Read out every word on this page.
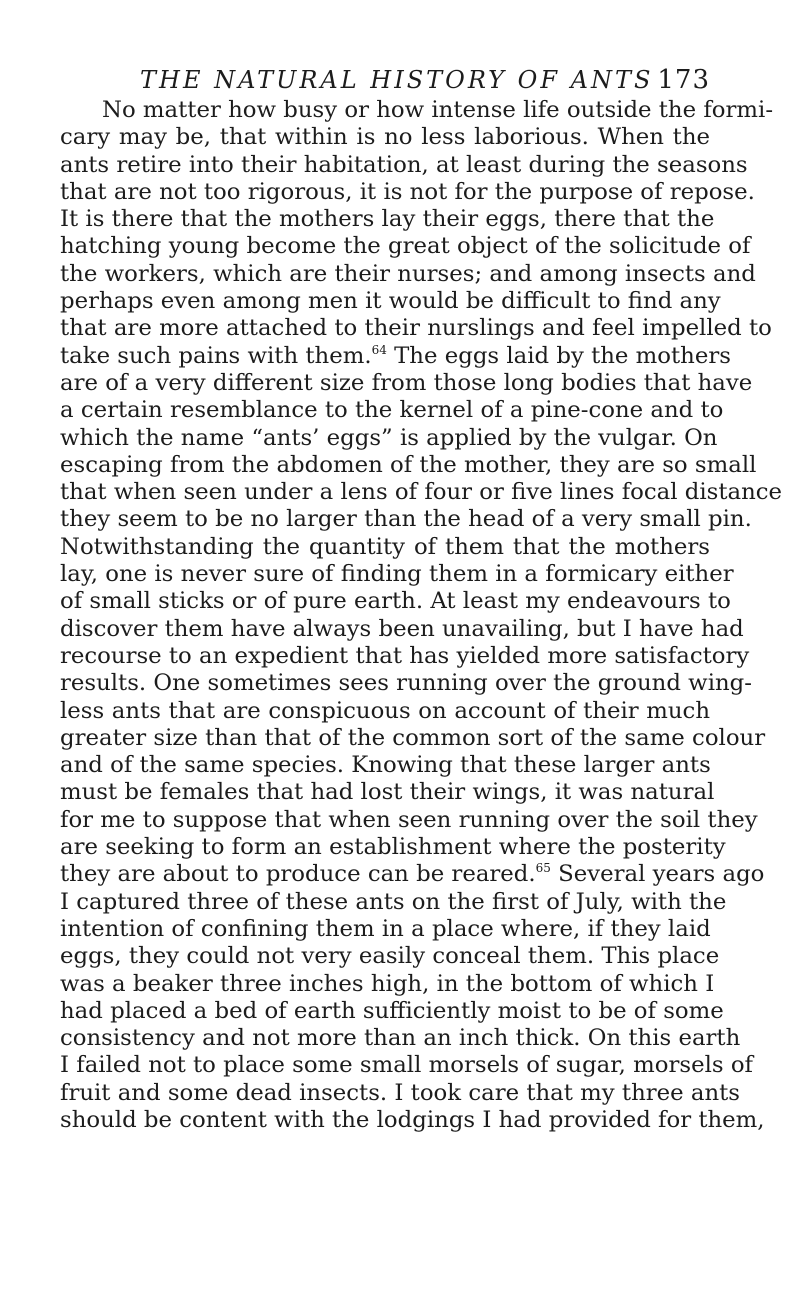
THE NATURAL HISTORY OF ANTS 173
No matter how busy or how intense life outside the formi-
cary may be, that within is no less laborious. When the
ants retire into their habitation, at least during the seasons
that are not too rigorous, it is not for the purpose of repose.
It is there that the mothers lay their eggs, there that the
hatching young become the great object of the solicitude of
the workers, which are their nurses; and among insects and
perhaps even among men it would be difficult to find any
that are more attached to their nurslings and feel impelled to
take such pains with them.$^{64}$ The eggs laid by the mothers
are of a very different size from those long bodies that have
a certain resemblance to the kernel of a pine-cone and to
which the name “ants’ eggs” is applied by the vulgar. On
escaping from the abdomen of the mother, they are so small
that when seen under a lens of four or five lines focal distance
they seem to be no larger than the head of a very small pin.
Notwithstanding the quantity of them that the mothers
lay, one is never sure of finding them in a formicary either
of small sticks or of pure earth. At least my endeavours to
discover them have always been unavailing, but I have had
recourse to an expedient that has yielded more satisfactory
results. One sometimes sees running over the ground wing-
less ants that are conspicuous on account of their much
greater size than that of the common sort of the same colour
and of the same species. Knowing that these larger ants
must be females that had lost their wings, it was natural
for me to suppose that when seen running over the soil they
are seeking to form an establishment where the posterity
they are about to produce can be reared.$^{65}$ Several years ago
I captured three of these ants on the first of July, with the
intention of confining them in a place where, if they laid
eggs, they could not very easily conceal them. This place
was a beaker three inches high, in the bottom of which I
had placed a bed of earth sufficiently moist to be of some
consistency and not more than an inch thick. On this earth
I failed not to place some small morsels of sugar, morsels of
fruit and some dead insects. I took care that my three ants
should be content with the lodgings I had provided for them,
